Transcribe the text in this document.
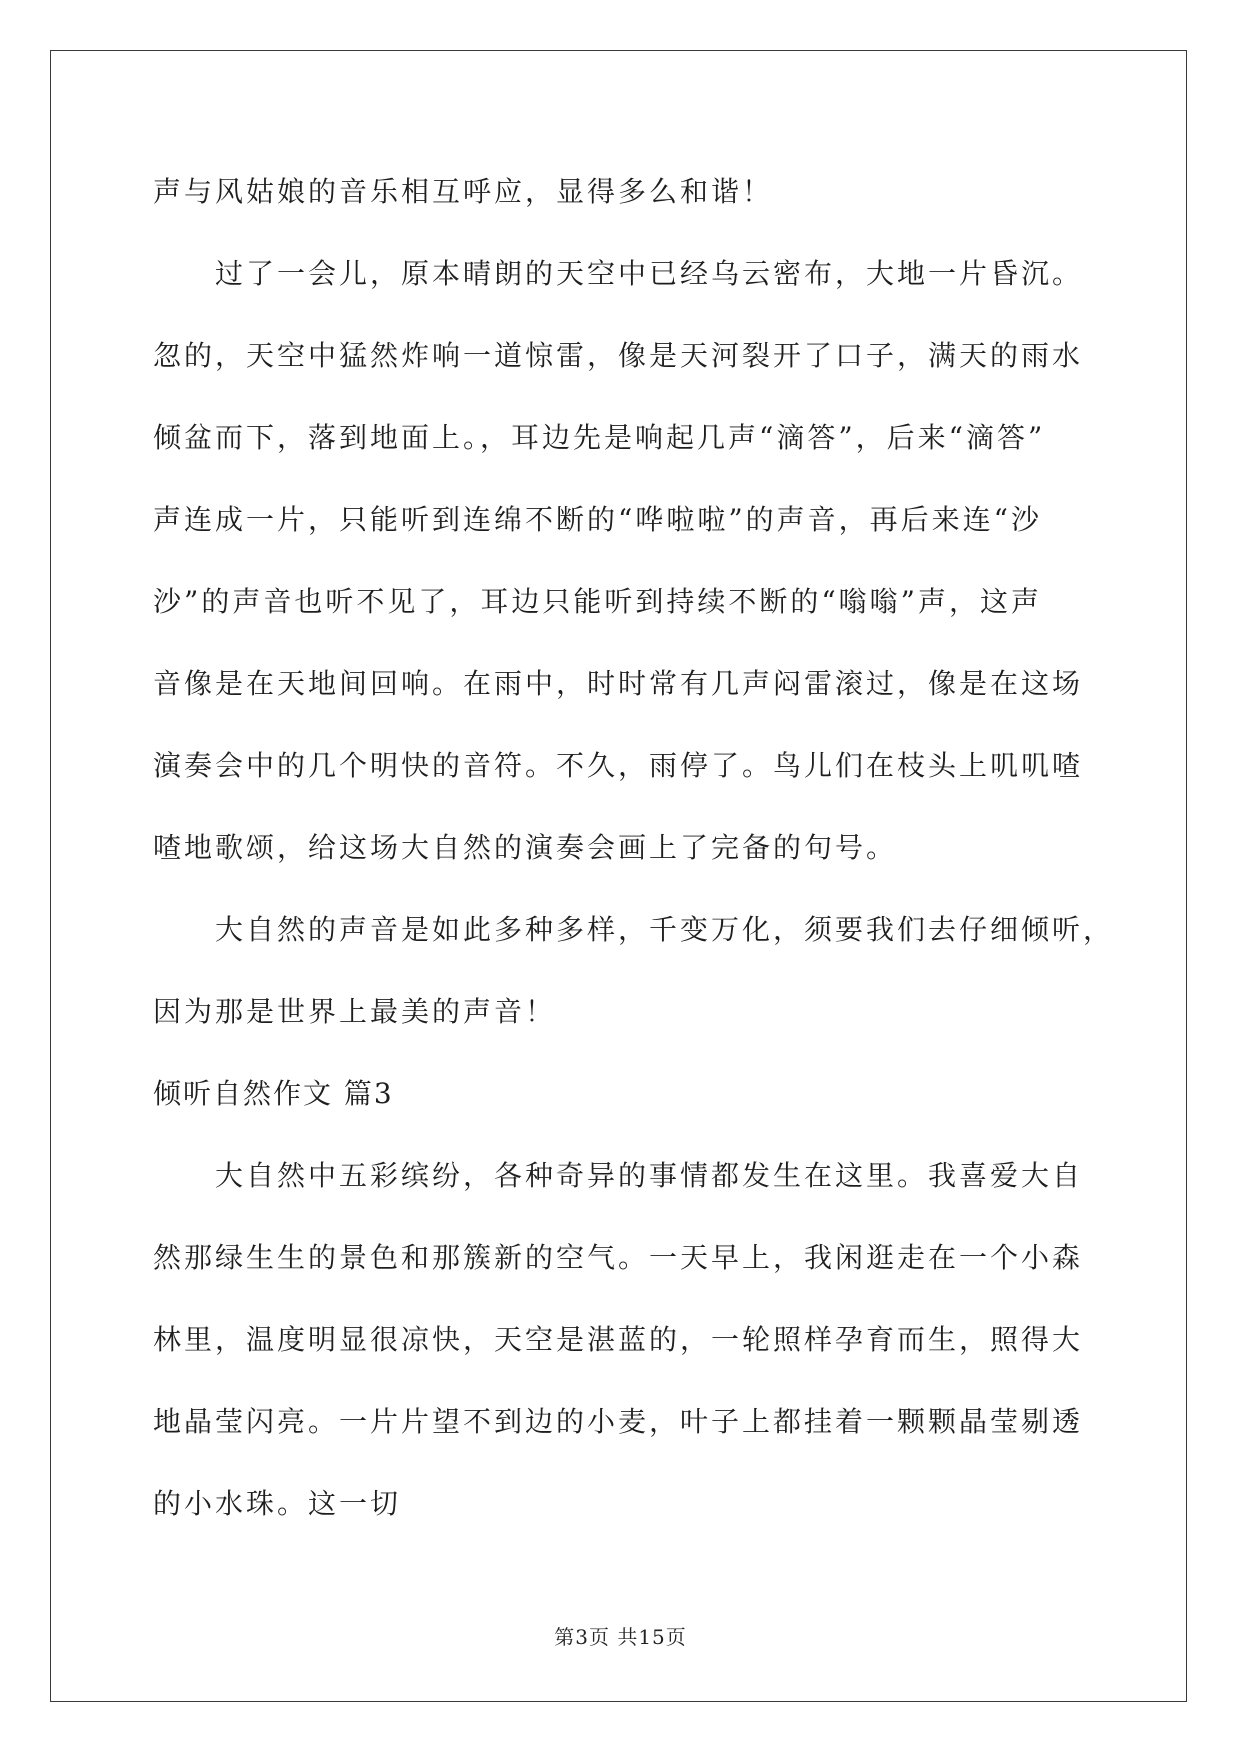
声与风姑娘的音乐相互呼应，显得多么和谐！
过了一会儿，原本晴朗的天空中已经乌云密布，大地一片昏沉。
忽的，天空中猛然炸响一道惊雷，像是天河裂开了口子，满天的雨水
倾盆而下，落到地面上。，耳边先是响起几声“滴答”，后来“滴答”
声连成一片，只能听到连绵不断的“哗啦啦”的声音，再后来连“沙
沙”的声音也听不见了，耳边只能听到持续不断的“嗡嗡”声，这声
音像是在天地间回响。在雨中，时时常有几声闷雷滚过，像是在这场
演奏会中的几个明快的音符。不久，雨停了。鸟儿们在枝头上叽叽喳
喳地歌颂，给这场大自然的演奏会画上了完备的句号。
大自然的声音是如此多种多样，千变万化，须要我们去仔细倾听，
因为那是世界上最美的声音！
倾听自然作文 篇3
大自然中五彩缤纷，各种奇异的事情都发生在这里。我喜爱大自
然那绿生生的景色和那簇新的空气。一天早上，我闲逛走在一个小森
林里，温度明显很凉快，天空是湛蓝的，一轮照样孕育而生，照得大
地晶莹闪亮。一片片望不到边的小麦，叶子上都挂着一颗颗晶莹剔透
的小水珠。这一切
第3页 共15页
